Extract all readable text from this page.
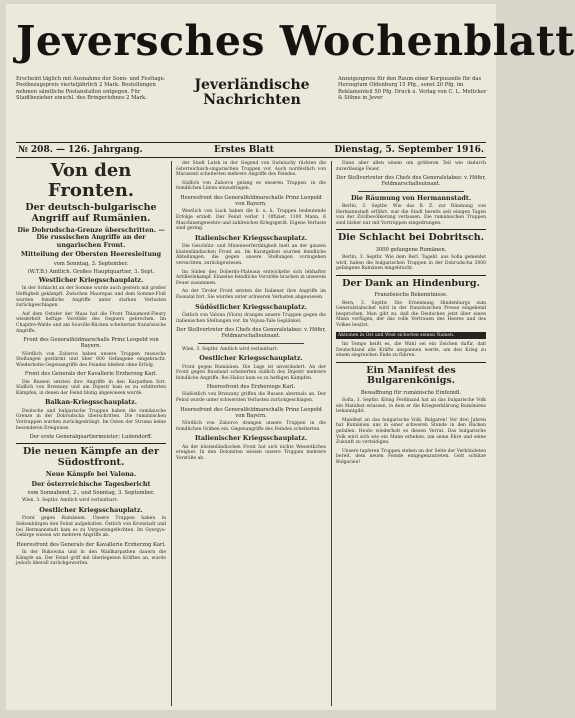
Jeversches Wochenblatt
Erscheint täglich mit Ausnahme der Sonn- und Festtage. Postbezugspreis vierteljährlich 2 Mark. Bestellungen nehmen sämtliche Postanstalten entgegen. Für Stadtbezieher einschl. des Bringerlohnes 2 Mark.
Jeverländische
Nachrichten
Anzeigenpreis für den Raum einer Korpuszeile für das Herzogtum Oldenburg 15 Pfg., sonst 20 Pfg. im Reklamenteil 50 Pfg. Druck u. Verlag von C. L. Mettcker & Söhne in Jever
№ 208. — 126. Jahrgang.	Erstes Blatt	Dienstag, 5. September 1916.
Von den Fronten.
Der deutsch-bulgarische Angriff auf Rumänien.
Die Dobrudscha-Grenze überschritten. — Die russischen Angriffe an der ungarischen Front.
Mitteilung der Obersten Heeresleitung
vom Sonntag, 3. September.
(W.T.B.) Amtlich. Großes Hauptquartier, 3. Sept.
Westlicher Kriegsschauplatz.

In der Schlacht an der Somme wurde auch gestern mit großer Heftigkeit gekämpft. Zwischen Maurepas und dem Somme-Fluß wurden feindliche Angriffe unter starken Verlusten zurückgeschlagen.

Auf dem Ostufer der Maas hat die Front Thiaumont-Fleury wiederholt heftige Vorstöße des Gegners gebrochen. Im Chapitre-Walde und am Souville-Rücken scheiterten französische Angriffe.

Front des Generalfeldmarschalls Prinz Leopold von Bayern.

Nördlich von Zaborce haben unsere Truppen russische Stellungen gestürmt und über 600 Gefangene eingebracht. Wiederholte Gegenangriffe des Feindes blieben ohne Erfolg.

Front des Generals der Kavallerie Erzherzog Karl.

Die Russen setzten ihre Angriffe in den Karpathen fort. Südlich von Brzezany und am Dnjestr kam es zu erbitterten Kämpfen, in denen der Feind blutig abgewiesen wurde.

Balkan-Kriegsschauplatz.

Deutsche und bulgarische Truppen haben die rumänische Grenze in der Dobrudscha überschritten. Die rumänischen Vortruppen wurden zurückgedrängt. Im Osten der Struma keine besonderen Ereignisse.

Der erste Generalquartiermeister: Ludendorff.
Die neuen Kämpfe an der Südostfront.
Neue Kämpfe bei Valona.
Der österreichische Tagesbericht
vom Sonnabend, 2., und Sonntag, 3. September.

Wien, 3. Septbr. Amtlich wird verlautbart:

Oestlicher Kriegsschauplatz.

Front gegen Rumänien. Unsere Truppen haben in Siebenbürgen den Feind aufgehalten. Östlich von Kronstadt und bei Hermannstadt kam es zu Vorpostengefechten. Im Gyergyo-Gebirge wiesen wir mehrere Angriffe ab.

Heeresfront des Generals der Kavallerie Erzherzog Karl.

In der Bukowina und in den Waldkarpathen dauern die Kämpfe an. Der Feind griff mit überlegenen Kräften an, wurde jedoch überall zurückgeworfen.

der Stadt Lutsk in der Gegend von Swiniuchy rückten die österreichisch-ungarischen Truppen vor. Auch nordöstlich von Marasesti scheiterten mehrere Angriffe des Feindes.

Südlich von Zaborce gelang es unseren Truppen, in die feindlichen Linien einzudringen.

Heeresfront des Generalfeldmarschalls Prinz Leopold von Bayern.

Westlich von Luck haben die k. u. k. Truppen bedeutende Erfolge erzielt. Der Feind verlor 1 Offizier, 1100 Mann, 6 Maschinengewehre und zahlreiches Kriegsgerät. Eigene Verluste sind gering.

Italienischer Kriegsschauplatz.

Die Geschütz- und Minenwerfertätigkeit hielt an der ganzen küstenländischen Front an. Im Karstgebiet wurden feindliche Abteilungen, die gegen unsere Stellungen vorzugehen versuchten, zurückgewiesen.

Im Süden des Doberdo-Plateaus entwickelte sich lebhafter Artilleriekampf. Einzelne feindliche Vorstöße brachen in unserem Feuer zusammen.

An der Tiroler Front setzten die Italiener ihre Angriffe im Fassatal fort. Sie wurden unter schweren Verlusten abgewiesen.

Südöstlicher Kriegsschauplatz.

Östlich von Valona (Vlora) drangen unsere Truppen gegen die italienischen Stellungen vor. Im Vojusa-Tale Geplänkel.

Der Stellvertreter des Chefs des Generalstabes: v. Höfer, Feldmarschalleutnant.

Wien, 3. Septbr. Amtlich wird verlautbart:

Oestlicher Kriegsschauplatz.

Front gegen Rumänien. Die Lage ist unverändert. An der Front gegen Russland scheiterten südlich des Dnjestr mehrere feindliche Angriffe. Bei Halicz kam es zu heftigen Kämpfen.

Heeresfront des Erzherzogs Karl.

Südöstlich von Brzezany griffen die Russen abermals an. Der Feind wurde unter schwersten Verlusten zurückgeschlagen.

Heeresfront des Generalfeldmarschalls Prinz Leopold von Bayern.

Nördlich von Zaborce drangen unsere Truppen in die feindlichen Gräben ein. Gegenangriffe des Feindes scheiterten.

Italienischer Kriegsschauplatz.

An der küstenländischen Front hat sich nichts Wesentliches ereignet. In den Dolomiten wiesen unsere Truppen mehrere Vorstöße ab.

Dann aber allen einem um größeren Teil wie dadurch zuverlässige Feuer.

Der Stellvertreter des Chefs des Generalstabes: v. Höfer, Feldmarschalleutnant.
Die Räumung von Hermannstadt.

Berlin, 3. Septbr. Wie das B. Z. zur Räumung von Hermannstadt erfährt, war die Stadt bereits seit einigen Tagen von der Zivilbevölkerung verlassen. Die rumänischen Truppen sind bisher nur mit Vortruppen eingedrungen.

Die Schlacht bei Dobritsch.
3000 gefangene Rumänen.

Berlin, 3. Septbr. Wie dem Berl. Tagebl. aus Sofia gemeldet wird, haben die bulgarischen Truppen in der Dobrudscha 3000 gefangene Rumänen eingebracht.

Der Dank an Hindenburg.
Französische Bekenntnisse.

Bern, 3. Septbr. Die Ernennung Hindenburgs zum Generalstabschef wird in der französischen Presse eingehend besprochen. Man gibt zu, daß die Deutschen jetzt über einen Mann verfügen, der das volle Vertrauen des Heeres und des Volkes besitzt.

Aktionen in Ost und West sicherten seinen Namen.

Im Temps heißt es, die Wahl sei ein Zeichen dafür, daß Deutschland alle Kräfte anspannen werde, um den Krieg zu einem siegreichen Ende zu führen.

Ein Manifest des Bulgarenkönigs.
Bewaffnung für rumänische Einfeindl.

Sofia, 3. Septbr. König Ferdinand hat an das bulgarische Volk ein Manifest erlassen, in dem er die Kriegserklärung Rumäniens bekanntgibt.

Manifest an das bulgarische Volk. Bulgaren! Vor drei Jahren hat Rumänien uns in einer schweren Stunde in den Rücken gefallen. Heute wiederholt es diesen Verrat. Das bulgarische Volk wird sich wie ein Mann erheben, um seine Ehre und seine Zukunft zu verteidigen.

Unsere tapferen Truppen stehen an der Seite der Verbündeten bereit, dem neuen Feinde entgegenzutreten. Gott schütze Bulgarien!
